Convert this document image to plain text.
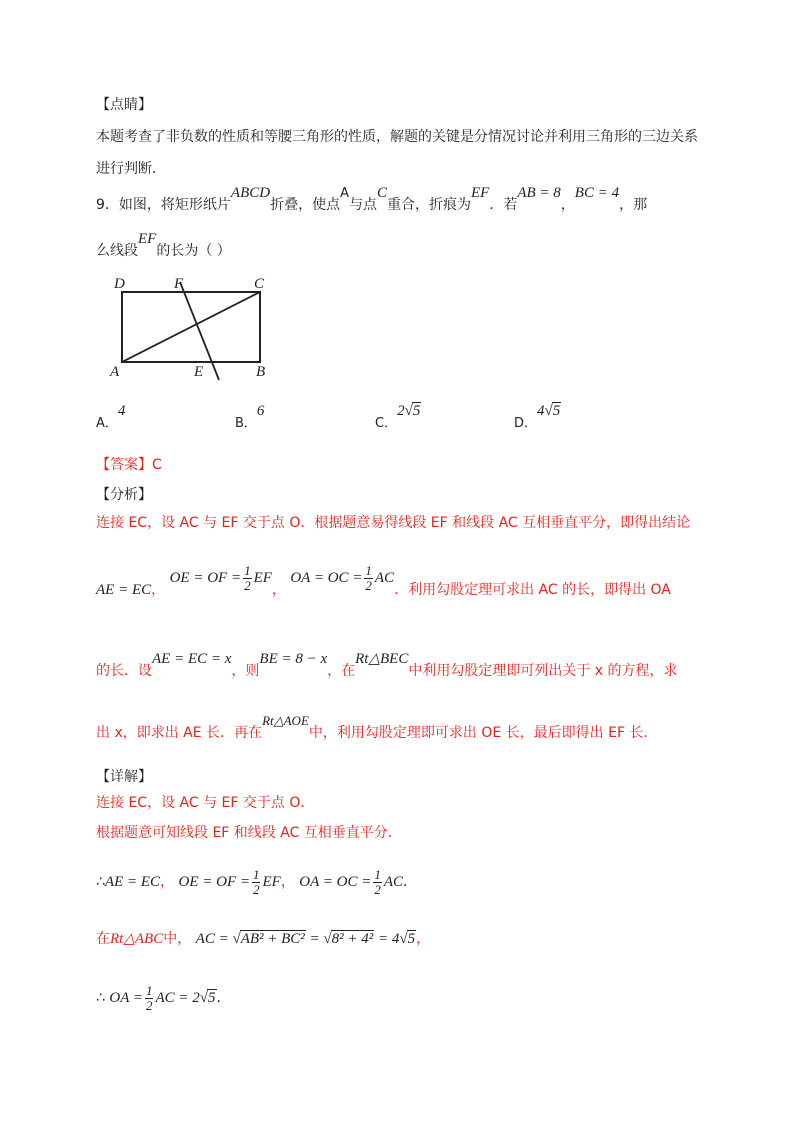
【点睛】
本题考查了非负数的性质和等腰三角形的性质，解题的关键是分情况讨论并利用三角形的三边关系
进行判断．
9．如图，将矩形纸片ABCD折叠，使点A与点C重合，折痕为EF．若AB = 8，BC = 4，那
么线段EF的长为（ ）
D	F	C
A	E	B
A．4
B．6
C．2√5
D．4√5
【答案】C
【分析】
连接 EC，设 AC 与 EF 交于点 O．根据题意易得线段 EF 和线段 AC 互相垂直平分，即得出结论
AE = EC， OE = OF = $\frac{1}{2}$ EF， OA = OC = $\frac{1}{2}$ AC．利用勾股定理可求出 AC 的长，即得出 OA
的长．设AE = EC = x，则BE = 8 − x，在Rt△BEC中利用勾股定理即可列出关于 x 的方程，求
出 x，即求出 AE 长．再在Rt△AOE中，利用勾股定理即可求出 OE 长，最后即得出 EF 长．
【详解】
连接 EC，设 AC 与 EF 交于点 O．
根据题意可知线段 EF 和线段 AC 互相垂直平分．
∴AE = EC， OE = OF = $\frac{1}{2}$ EF， OA = OC = $\frac{1}{2}$ AC．
在Rt△ABC中， AC = √AB² + BC² = √8² + 4² = 4√5，
∴ OA = $\frac{1}{2}$ AC = 2√5．
